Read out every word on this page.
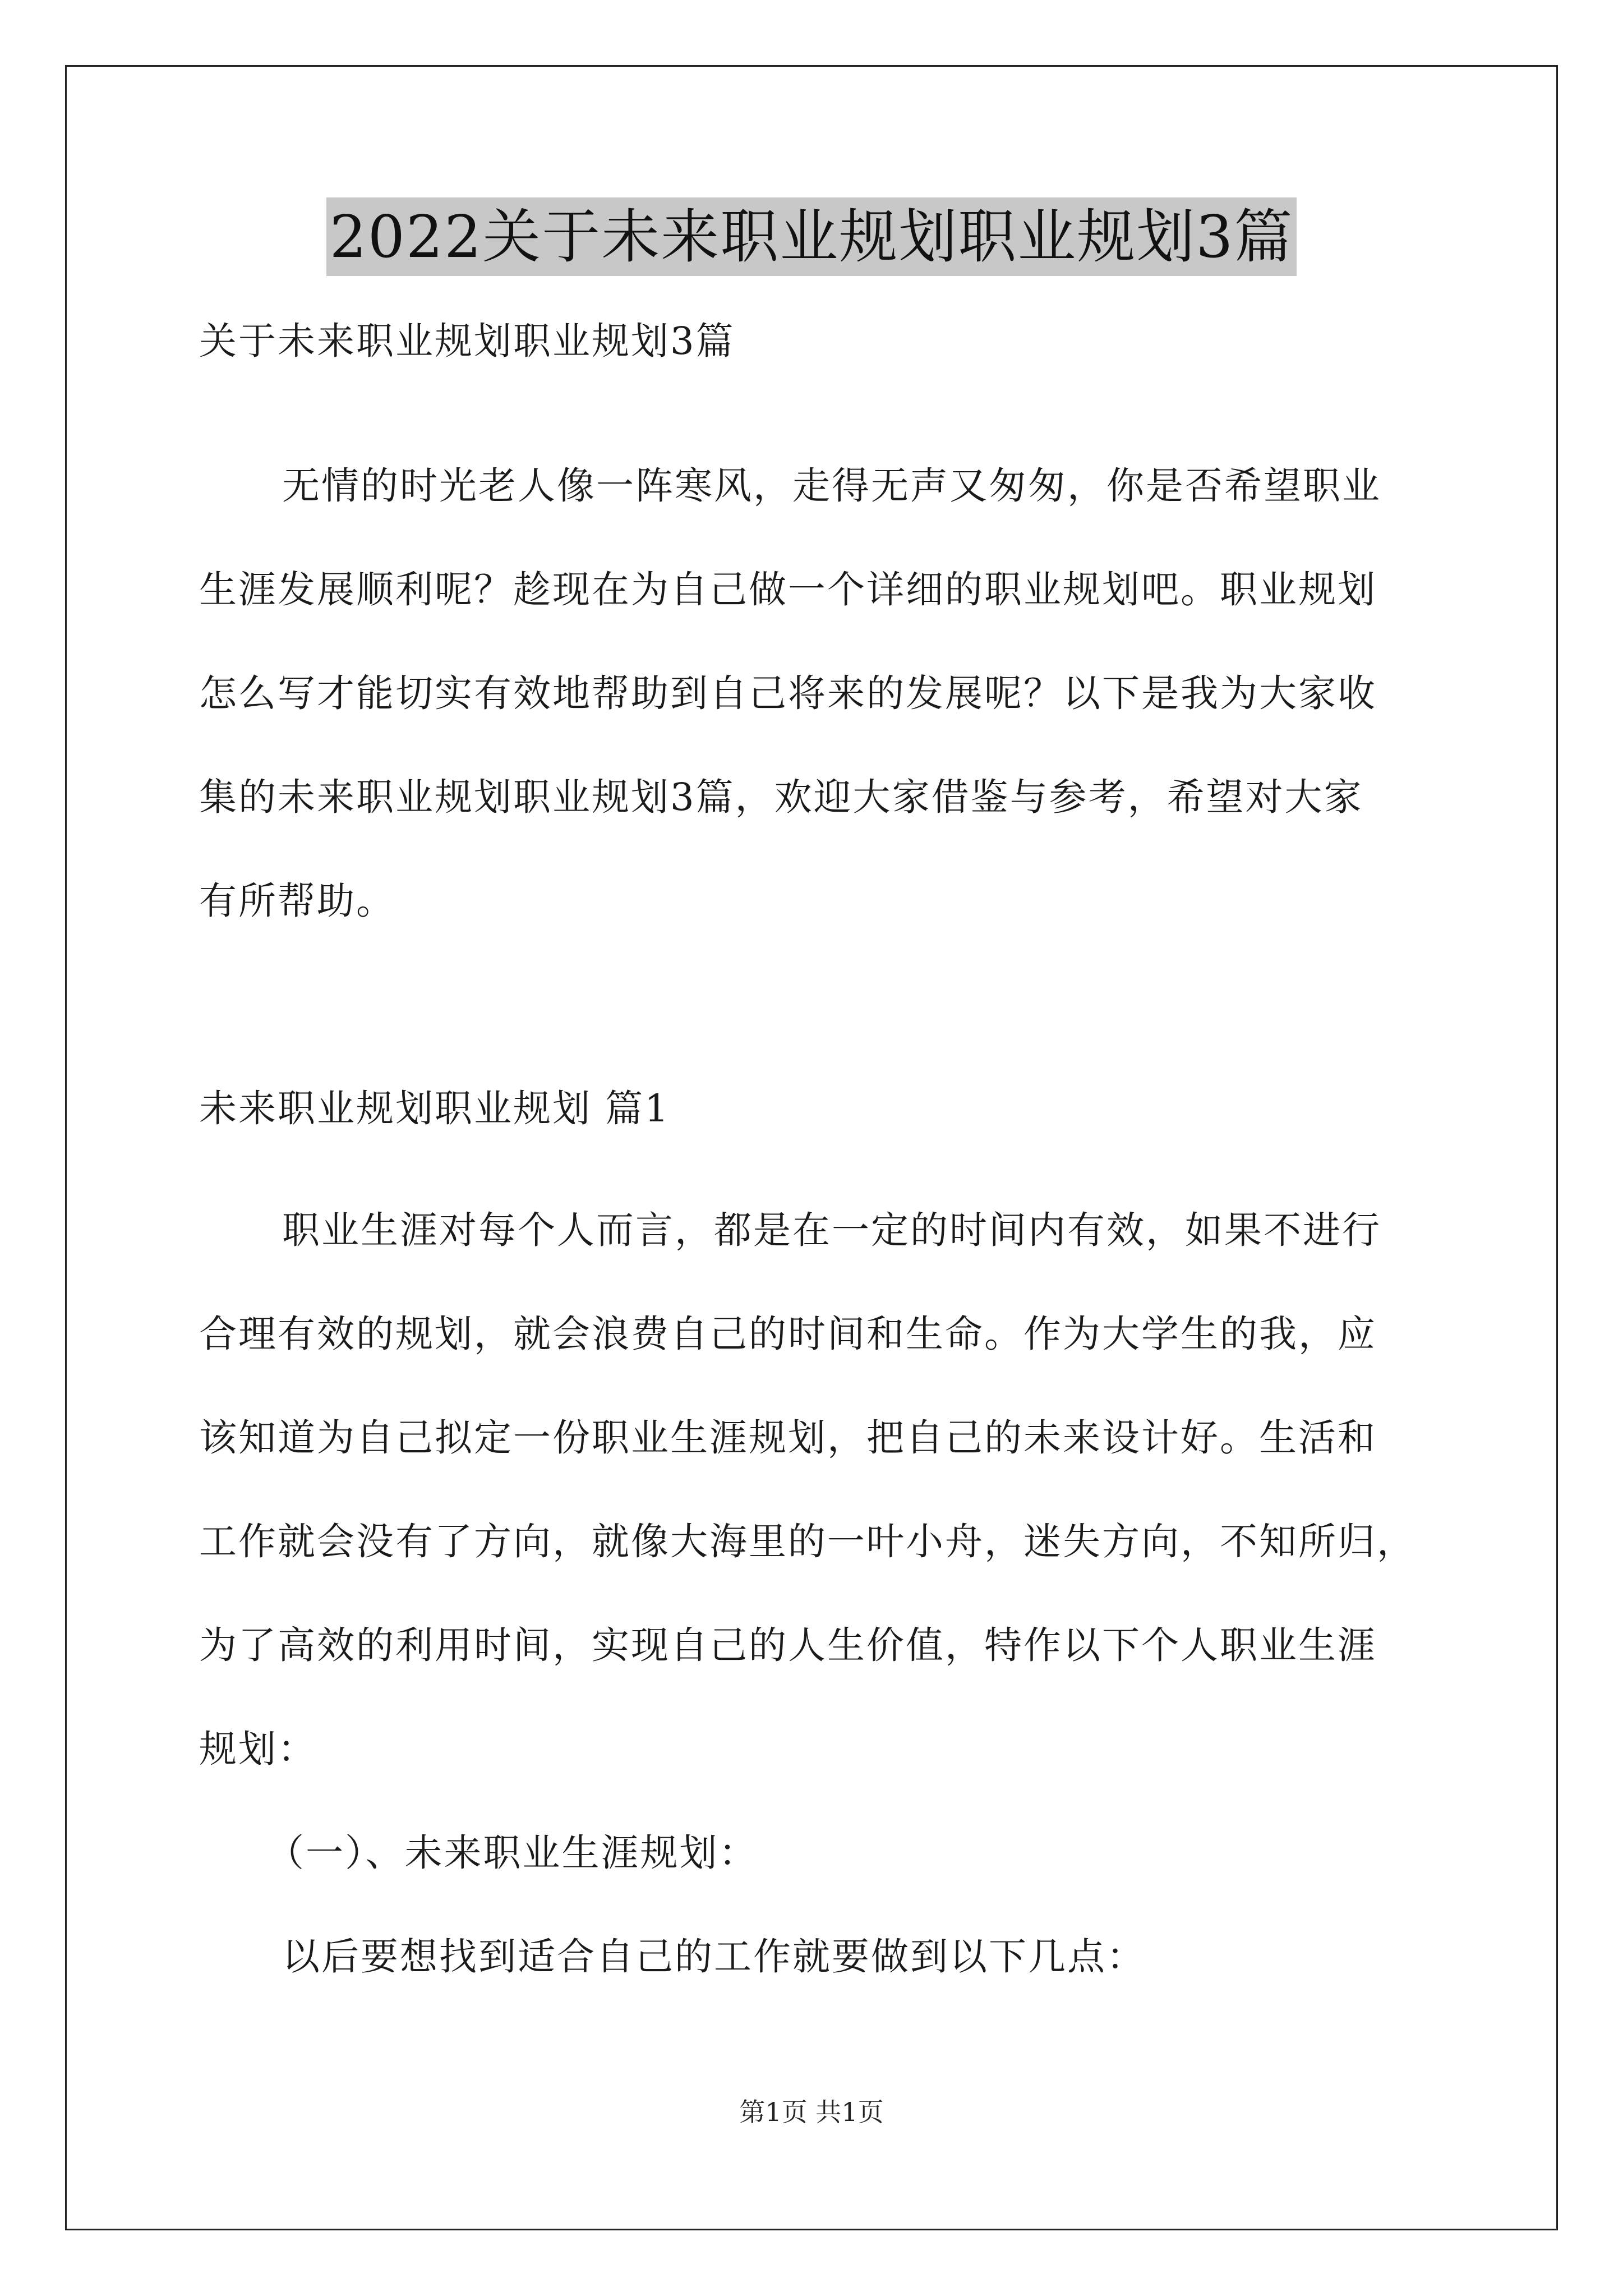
2022关于未来职业规划职业规划3篇
关于未来职业规划职业规划3篇
无情的时光老人像一阵寒风，走得无声又匆匆，你是否希望职业
生涯发展顺利呢？趁现在为自己做一个详细的职业规划吧。职业规划
怎么写才能切实有效地帮助到自己将来的发展呢？以下是我为大家收
集的未来职业规划职业规划3篇，欢迎大家借鉴与参考，希望对大家
有所帮助。
未来职业规划职业规划 篇1
职业生涯对每个人而言，都是在一定的时间内有效，如果不进行
合理有效的规划，就会浪费自己的时间和生命。作为大学生的我，应
该知道为自己拟定一份职业生涯规划，把自己的未来设计好。生活和
工作就会没有了方向，就像大海里的一叶小舟，迷失方向，不知所归，
为了高效的利用时间，实现自己的人生价值，特作以下个人职业生涯
规划：
（一）、未来职业生涯规划：
以后要想找到适合自己的工作就要做到以下几点：
第1页 共1页
